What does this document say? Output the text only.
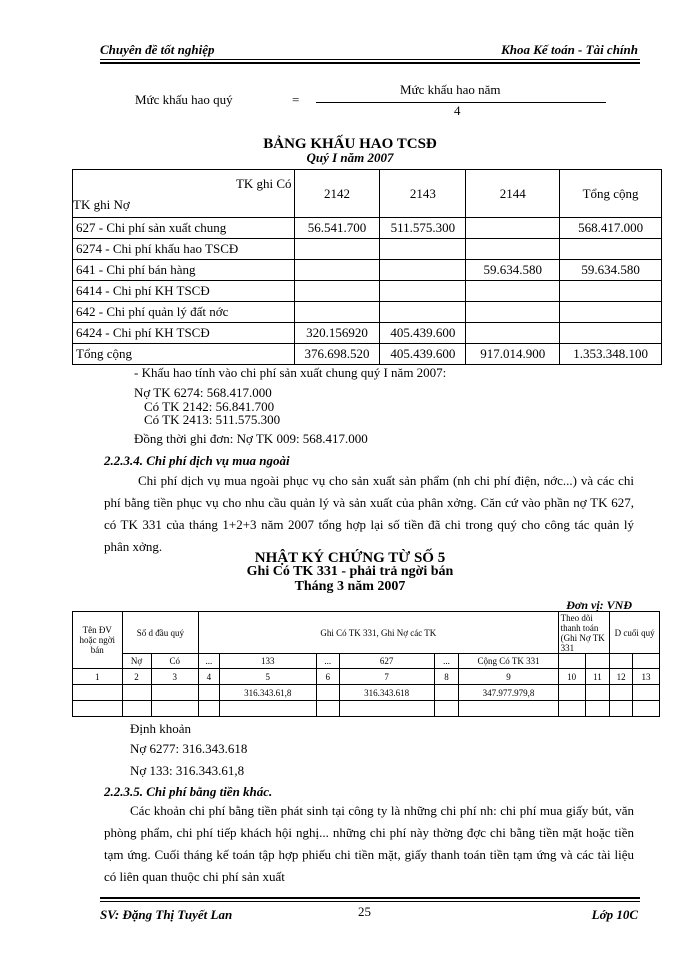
Chuyên đề tốt nghiệp	Khoa Kế toán - Tài chính
Mức khấu hao quý	=
Mức khấu hao năm
4
BẢNG KHẤU HAO TCSĐ
Quý I năm 2007
TK ghi Có
TK ghi Nợ	2142	2143	2144	Tổng cộng
627 - Chi phí sản xuất chung	56.541.700	511.575.300		568.417.000
6274 - Chi phí khấu hao TSCĐ				
641 - Chi phí bán hàng			59.634.580	59.634.580
6414 - Chi phí KH TSCĐ				
642 - Chi phí quản lý đất nớc				
6424 - Chi phí KH TSCĐ	320.156920	405.439.600		
Tổng cộng	376.698.520	405.439.600	917.014.900	1.353.348.100
- Khấu hao tính vào chi phí sản xuất chung quý I năm 2007:
Nợ TK 6274: 568.417.000
Có TK 2142: 56.841.700
Có TK 2413: 511.575.300
Đồng thời ghi đơn: Nợ TK 009: 568.417.000
2.2.3.4. Chi phí dịch vụ mua ngoài
Chi phí dịch vụ mua ngoài phục vụ cho sản xuất sản phẩm (nh chi phí điện, nớc...) và các chi phí bằng tiền phục vụ cho nhu cầu quản lý và sản xuất của phân xởng. Căn cứ vào phần nợ TK 627, có TK 331 của tháng 1+2+3 năm 2007 tổng hợp lại số tiền đã chi trong quý cho công tác quản lý phân xởng.
NHẬT KÝ CHỨNG TỪ SỐ 5
Ghi Có TK 331 - phải trả ngời bán
Tháng 3 năm 2007
Đơn vị: VNĐ
Tên ĐV hoặc ngời bán	Số d đầu quý		Ghi Có TK 331, Ghi Nợ các TK						Theo dõi thanh toán (Ghi Nợ TK 331		D cuối quý	
	Nợ	Có	...	133	...	627	...	Cộng Có TK 331				
1	2	3	4	5	6	7	8	9	10	11	12	13
				316.343.61,8		316.343.618		347.977.979,8				

Định khoản
Nợ 6277: 316.343.618
Nợ 133: 316.343.61,8
2.2.3.5. Chi phí bằng tiền khác.
Các khoản chi phí bằng tiền phát sinh tại công ty là những chi phí nh: chi phí mua giấy bút, văn phòng phẩm, chi phí tiếp khách hội nghị... những chi phí này thờng đợc chi bằng tiền mặt hoặc tiền tạm ứng. Cuối tháng kế toán tập hợp phiếu chi tiền mặt, giấy thanh toán tiền tạm ứng và các tài liệu có liên quan thuộc chi phí sản xuất
SV: Đặng Thị Tuyết Lan	25	Lớp 10C
